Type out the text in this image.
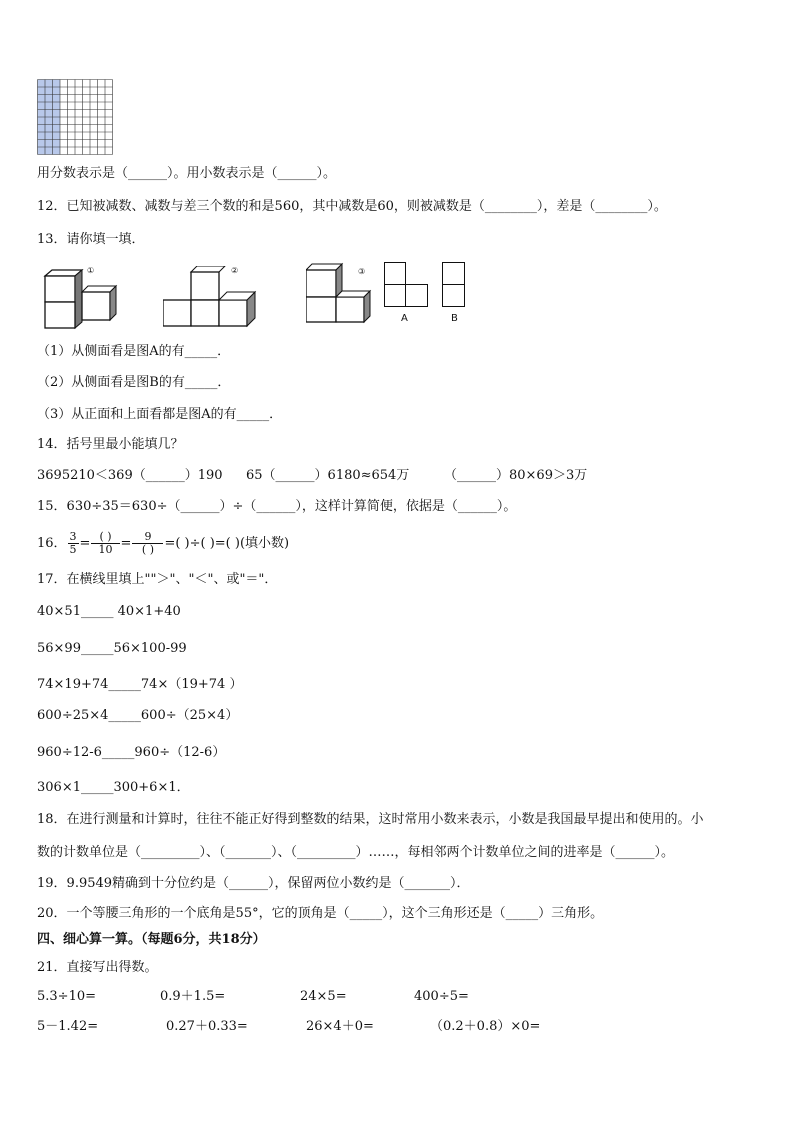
用分数表示是（______）。用小数表示是（______）。
12．已知被减数、减数与差三个数的和是560，其中减数是60，则被减数是（________），差是（________）。
13．请你填一填．
①	②	③
A	B
（1）从侧面看是图A的有_____．
（2）从侧面看是图B的有_____．
（3）从正面和上面看都是图A的有_____．
14．括号里最小能填几？
3695210＜369（______）190 65（______）6180≈654万	（______）80×69＞3万
15．630÷35＝630÷（______）÷（______），这样计算简便，依据是（______）。
16． $\frac{3}{5} = \frac{( )}{10} = \frac{9}{( )}$ =( )÷( )=( )(填小数)
17．在横线里填上""＞"、"＜"、或"＝"．
40×51_____ 40×1+40
56×99_____56×100-99
74×19+74_____74×（19+74 ）
600÷25×4_____600÷（25×4）
960÷12-6_____960÷（12-6）
306×1_____300+6×1．
18．在进行测量和计算时，往往不能正好得到整数的结果，这时常用小数来表示，小数是我国最早提出和使用的。小
数的计数单位是（_________）、（_______）、（_________）……，每相邻两个计数单位之间的进率是（______）。
19．9.9549精确到十分位约是（______），保留两位小数约是（_______）．
20．一个等腰三角形的一个底角是55°，它的顶角是（_____），这个三角形还是（_____）三角形。
四、细心算一算。（每题6分，共18分）
21．直接写出得数。
5.3÷10=	0.9＋1.5=	24×5=	400÷5=
5－1.42=	0.27＋0.33=	26×4＋0=	（0.2＋0.8）×0=
